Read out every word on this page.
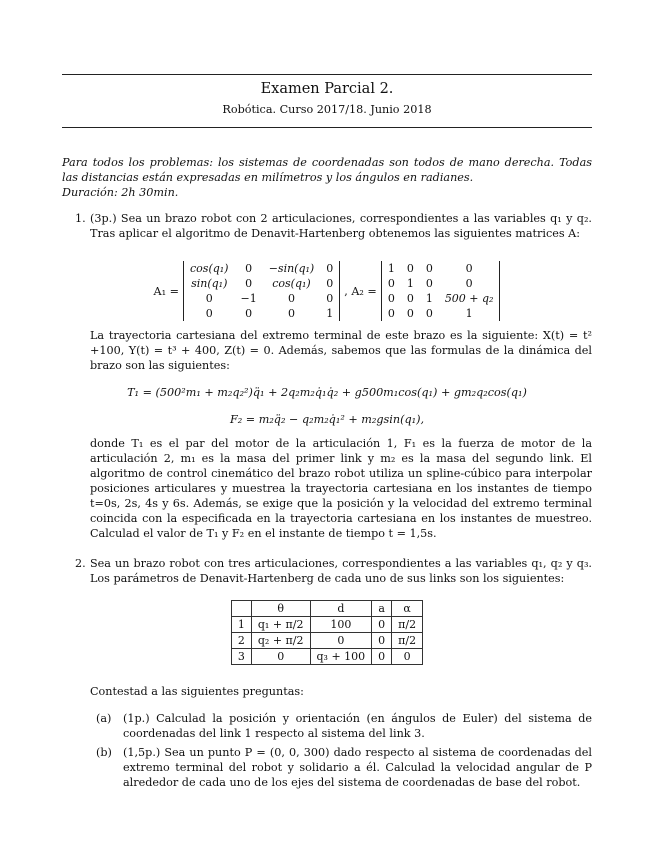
Examen Parcial 2.
Robótica. Curso 2017/18. Junio 2018
Para todos los problemas: los sistemas de coordenadas son todos de mano derecha. Todas las distancias están expresadas en milímetros y los ángulos en radianes.
Duración: 2h 30min.
1. (3p.) Sea un brazo robot con 2 articulaciones, correspondientes a las variables q₁ y q₂. Tras aplicar el algoritmo de Denavit-Hartenberg obtenemos las siguientes matrices A:
A₁ =
cos(q₁)	0	−sin(q₁)	0
sin(q₁)	0	cos(q₁)	0
0	−1	0	0
0	0	0	1
, A₂ =
1	0	0	0
0	1	0	0
0	0	1	500 + q₂
0	0	0	1
La trayectoria cartesiana del extremo terminal de este brazo es la siguiente: X(t) = t² +100, Y(t) = t³ + 400, Z(t) = 0. Además, sabemos que las formulas de la dinámica del brazo son las siguientes:
T₁ = (500²m₁ + m₂q₂²)q̈₁ + 2q₂m₂q̇₁q̇₂ + g500m₁cos(q₁) + gm₂q₂cos(q₁)
F₂ = m₂q̈₂ − q₂m₂q̇₁² + m₂gsin(q₁),
donde T₁ es el par del motor de la articulación 1, F₁ es la fuerza de motor de la articulación 2, m₁ es la masa del primer link y m₂ es la masa del segundo link. El algoritmo de control cinemático del brazo robot utiliza un spline-cúbico para interpolar posiciones articulares y muestrea la trayectoria cartesiana en los instantes de tiempo t=0s, 2s, 4s y 6s. Además, se exige que la posición y la velocidad del extremo terminal coincida con la especificada en la trayectoria cartesiana en los instantes de muestreo. Calculad el valor de T₁ y F₂ en el instante de tiempo t = 1,5s.
2. Sea un brazo robot con tres articulaciones, correspondientes a las variables q₁, q₂ y q₃. Los parámetros de Denavit-Hartenberg de cada uno de sus links son los siguientes:
	θ	d	a	α
1	q₁ + π/2	100	0	π/2
2	q₂ + π/2	0	0	π/2
3	0	q₃ + 100	0	0
Contestad a las siguientes preguntas:
(a) (1p.) Calculad la posición y orientación (en ángulos de Euler) del sistema de coordenadas del link 1 respecto al sistema del link 3.
(b) (1,5p.) Sea un punto P = (0, 0, 300) dado respecto al sistema de coordenadas del extremo terminal del robot y solidario a él. Calculad la velocidad angular de P alrededor de cada uno de los ejes del sistema de coordenadas de base del robot.
